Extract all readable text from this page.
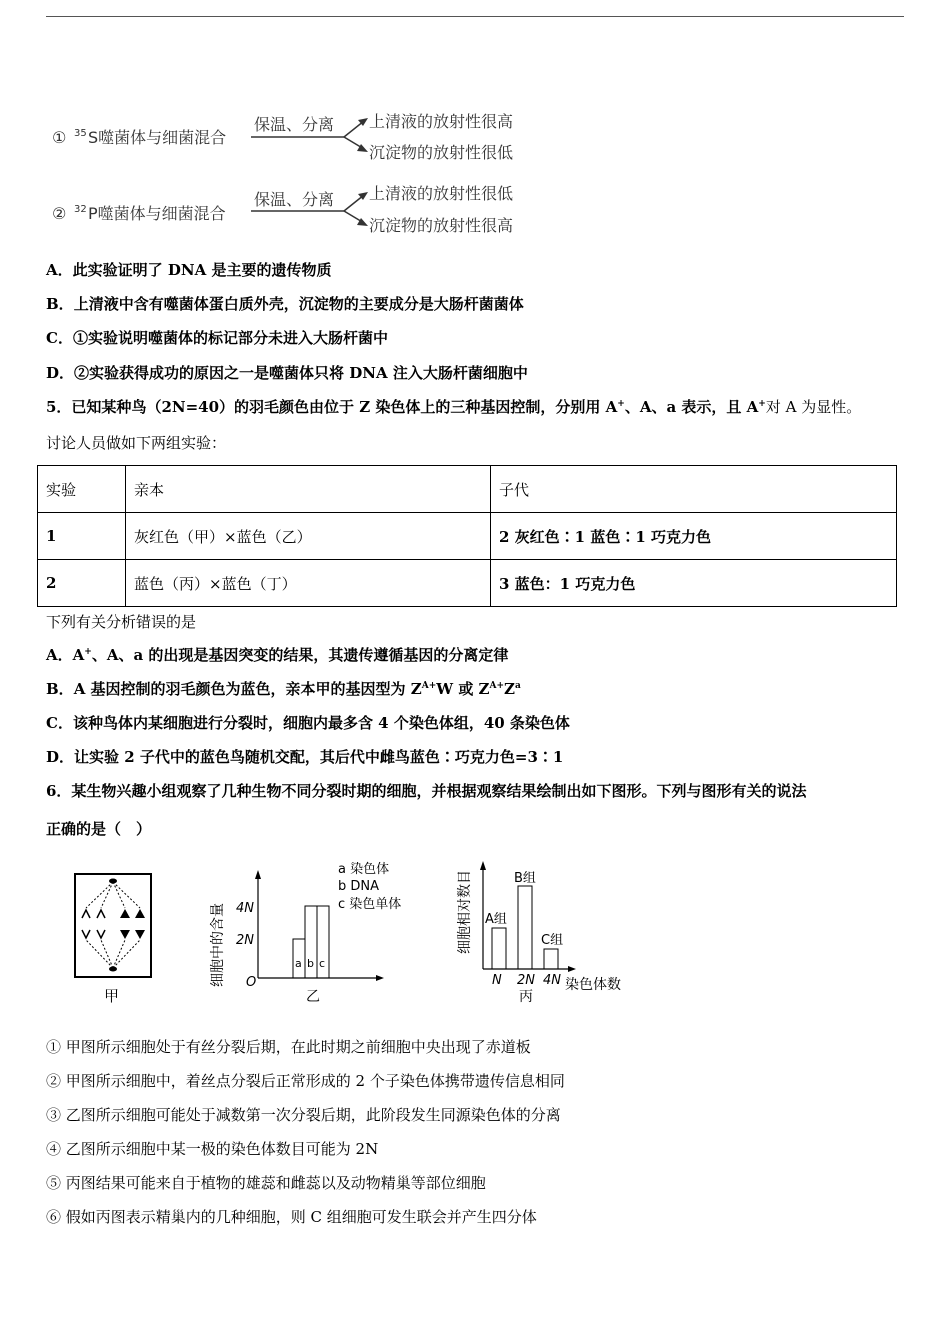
① 35 S噬菌体与细菌混合
保温、分离 上清液的放射性很高
沉淀物的放射性很低
② 32 P噬菌体与细菌混合
保温、分离 上清液的放射性很低
沉淀物的放射性很高
A．此实验证明了 DNA 是主要的遗传物质
B．上清液中含有噬菌体蛋白质外壳，沉淀物的主要成分是大肠杆菌菌体
C．①实验说明噬菌体的标记部分未进入大肠杆菌中
D．②实验获得成功的原因之一是噬菌体只将 DNA 注入大肠杆菌细胞中
5．已知某种鸟（2N=40）的羽毛颜色由位于 Z 染色体上的三种基因控制，分别用 A+、A、a 表示，且 A+对 A 为显性。
讨论人员做如下两组实验：
实验	亲本	子代
1	灰红色（甲）×蓝色（乙）	2 灰红色∶1 蓝色∶1 巧克力色
2	蓝色（丙）×蓝色（丁）	3 蓝色：1 巧克力色
下列有关分析错误的是
A．A+、A、a 的出现是基因突变的结果，其遗传遵循基因的分离定律
B．A 基因控制的羽毛颜色为蓝色，亲本甲的基因型为 $Z^{A+}W$ 或 $Z^{A+}Z^a$
C．该种鸟体内某细胞进行分裂时，细胞内最多含 4 个染色体组，40 条染色体
D．让实验 2 子代中的蓝色鸟随机交配，其后代中雌鸟蓝色∶巧克力色=3∶1
6．某生物兴趣小组观察了几种生物不同分裂时期的细胞，并根据观察结果绘制出如下图形。下列与图形有关的说法
正确的是（　）
甲
细胞中的含量 4N
2N
O
a b c
a 染色体
b DNA
c 染色单体
乙
细胞相对数目 A组
B组
C组
N 2N 4N 染色体数
丙
① 甲图所示细胞处于有丝分裂后期，在此时期之前细胞中央出现了赤道板
② 甲图所示细胞中，着丝点分裂后正常形成的 2 个子染色体携带遗传信息相同
③ 乙图所示细胞可能处于减数第一次分裂后期，此阶段发生同源染色体的分离
④ 乙图所示细胞中某一极的染色体数目可能为 2N
⑤ 丙图结果可能来自于植物的雄蕊和雌蕊以及动物精巢等部位细胞
⑥ 假如丙图表示精巢内的几种细胞，则 C 组细胞可发生联会并产生四分体
